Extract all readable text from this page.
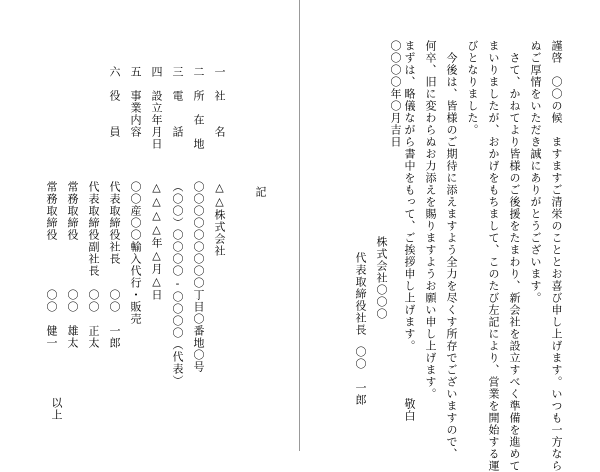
謹啓　〇〇の候　ますますご清栄のこととお喜び申し上げます。いつも一方なら
ぬご厚情をいただき誠にありがとうございます。
さて、かねてより皆様のご後援をたまわり、新会社を設立すべく準備を進めて
まいりましたが、おかげをもちまして、このたび左記により、営業を開始する運
びとなりました。
今後は、皆様のご期待に添えますよう全力を尽くす所存でございますので、
何卒、旧に変わらぬお力添えを賜りますようお願い申し上げます。
まずは、略儀ながら書中をもって、ご挨拶申し上げます。
敬白
〇〇〇〇年〇月吉日
株式会社〇〇〇
代表取締役社長
〇〇　一郎
記
一　社　　名
△△株式会社
二　所　在　地
〇〇〇〇〇〇〇〇〇丁目〇番地〇号
三　電　　話
（〇〇）〇〇〇〇-〇〇〇〇（代表）
四　設立年月日
△△△△年△月△日
五　事業内容
〇〇産〇〇輸入代行・販売
六　役　　員
代表取締役社長　　〇〇　一郎
代表取締役副社長　〇〇　正太
常務取締役　　　　〇〇　雄太
常務取締役　　　　〇〇　健一
以上
